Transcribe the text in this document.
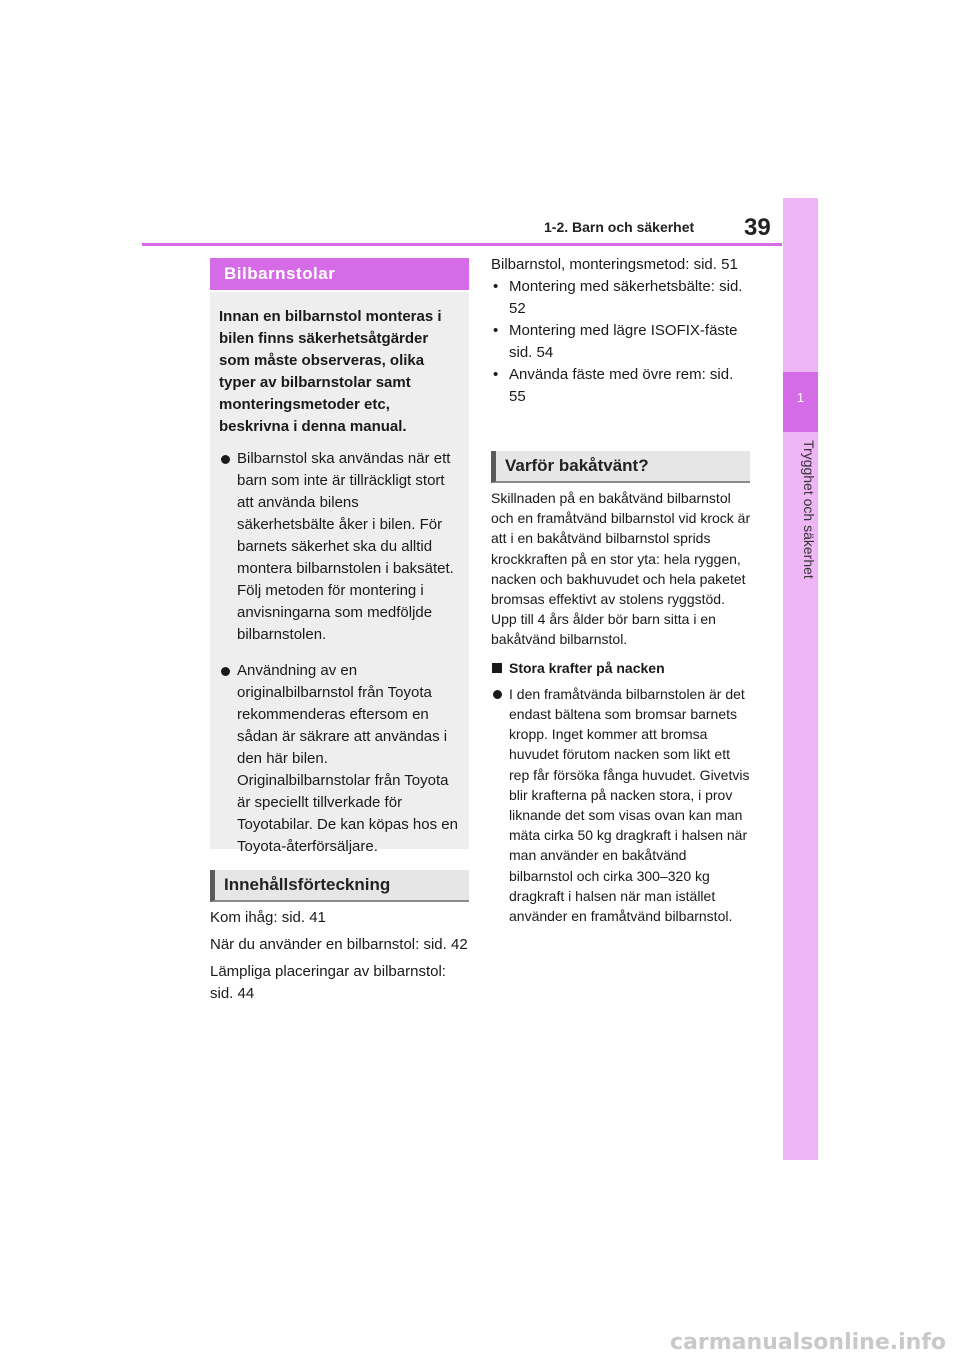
1-2. Barn och säkerhet 39
1
Trygghet och säkerhet
Bilbarnstolar

Innan en bilbarnstol monteras i bilen finns säkerhetsåtgärder som måste observeras, olika typer av bilbarnstolar samt monteringsmetoder etc, beskrivna i denna manual.

Bilbarnstol ska användas när ett barn som inte är tillräckligt stort att använda bilens säkerhetsbälte åker i bilen. För barnets säkerhet ska du alltid montera bilbarnstolen i baksätet. Följ metoden för montering i anvisningarna som medföljde bilbarnstolen.
Användning av en originalbilbarnstol från Toyota rekommenderas eftersom en sådan är säkrare att användas i den här bilen. Originalbilbarnstolar från Toyota är speciellt tillverkade för Toyotabilar. De kan köpas hos en Toyota-återförsäljare.
Innehållsförteckning

Kom ihåg: sid. 41

När du använder en bilbarnstol: sid. 42

Lämpliga placeringar av bilbarnstol: sid. 44

Bilbarnstol, monteringsmetod: sid. 51

• Montering med säkerhetsbälte: sid. 52

• Montering med lägre ISOFIX-fäste sid. 54

• Använda fäste med övre rem: sid. 55

Varför bakåtvänt?

Skillnaden på en bakåtvänd bilbarnstol och en framåtvänd bilbarnstol vid krock är att i en bakåtvänd bilbarnstol sprids krockkraften på en stor yta: hela ryggen, nacken och bakhuvudet och hela paketet bromsas effektivt av stolens ryggstöd. Upp till 4 års ålder bör barn sitta i en bakåtvänd bilbarnstol.

Stora krafter på nacken
I den framåtvända bilbarnstolen är det endast bältena som bromsar barnets kropp. Inget kommer att bromsa huvudet förutom nacken som likt ett rep får försöka fånga huvudet. Givetvis blir krafterna på nacken stora, i prov liknande det som visas ovan kan man mäta cirka 50 kg dragkraft i halsen när man använder en bakåtvänd bilbarnstol och cirka 300–320 kg dragkraft i halsen när man istället använder en framåtvänd bilbarnstol.
carmanualsonline.info
